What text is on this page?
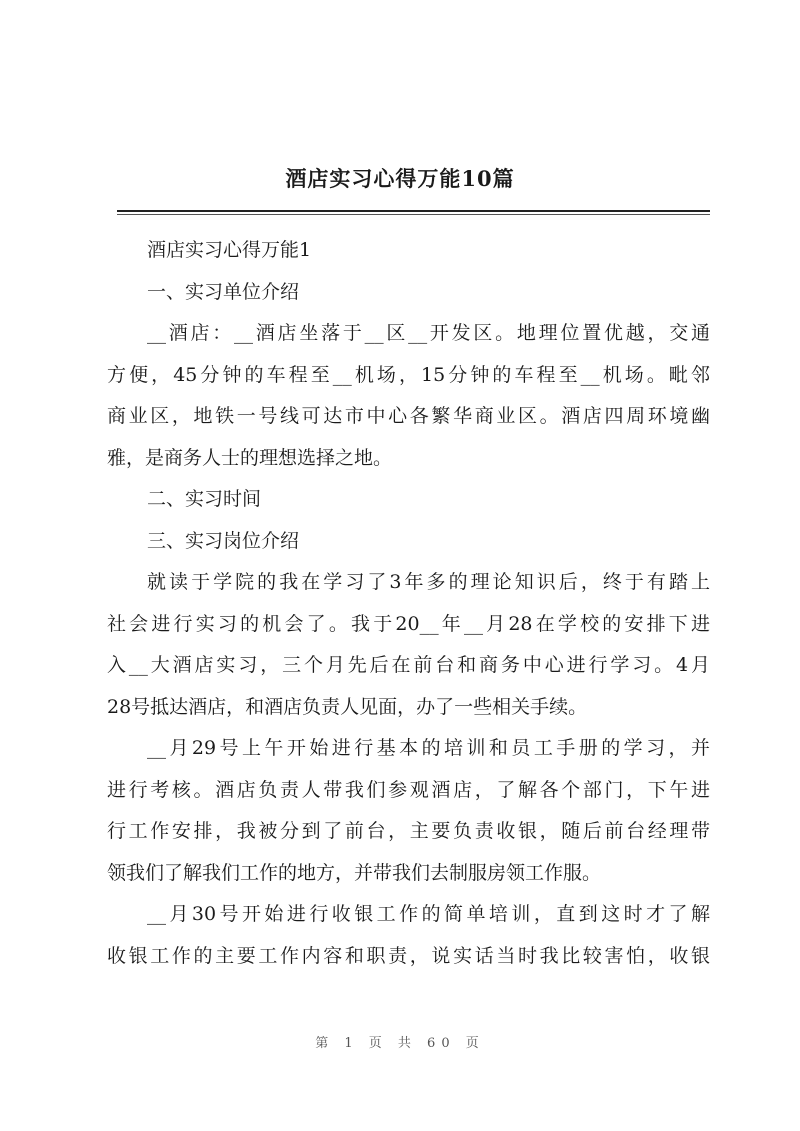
酒店实习心得万能10篇
酒店实习心得万能1
一、实习单位介绍
__酒店：__酒店坐落于__区__开发区。地理位置优越，交通
方便，45分钟的车程至__机场，15分钟的车程至__机场。毗邻
商业区，地铁一号线可达市中心各繁华商业区。酒店四周环境幽
雅，是商务人士的理想选择之地。
二、实习时间
三、实习岗位介绍
就读于学院的我在学习了3年多的理论知识后，终于有踏上
社会进行实习的机会了。我于20__年__月28在学校的安排下进
入__大酒店实习，三个月先后在前台和商务中心进行学习。4月
28号抵达酒店，和酒店负责人见面，办了一些相关手续。
__月29号上午开始进行基本的培训和员工手册的学习，并
进行考核。酒店负责人带我们参观酒店，了解各个部门，下午进
行工作安排，我被分到了前台，主要负责收银，随后前台经理带
领我们了解我们工作的地方，并带我们去制服房领工作服。
__月30号开始进行收银工作的简单培训，直到这时才了解
收银工作的主要工作内容和职责，说实话当时我比较害怕，收银
第 1 页 共 60 页
